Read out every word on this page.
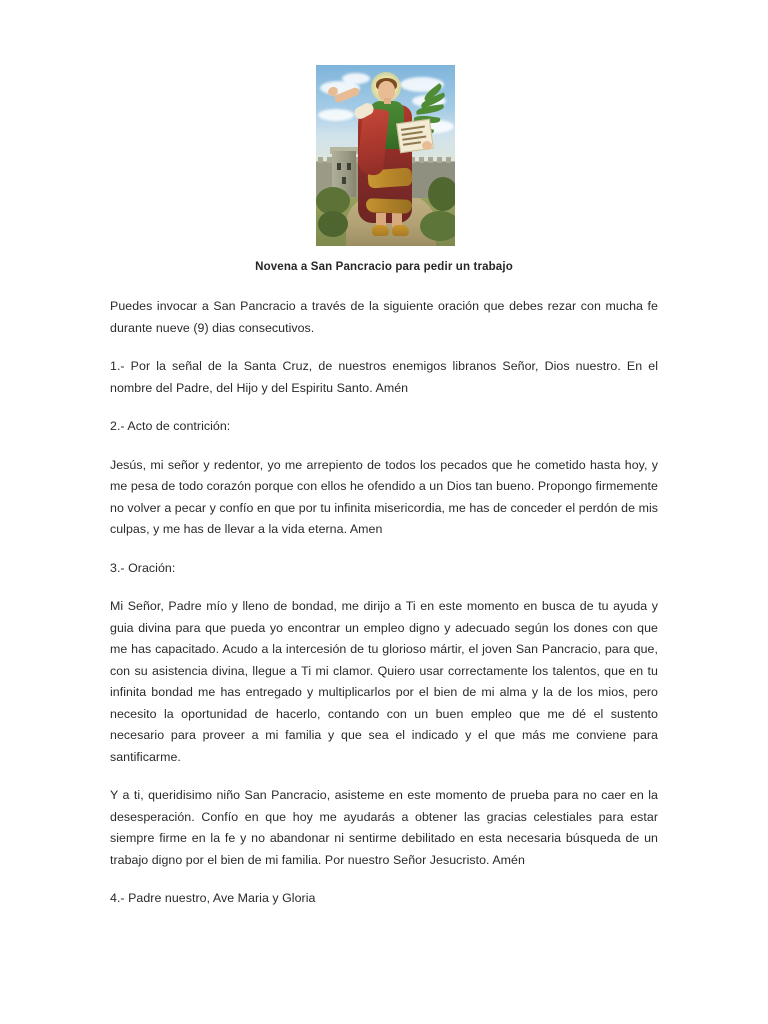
Novena a San Pancracio para pedir un trabajo

Puedes invocar a San Pancracio a través de la siguiente oración que debes rezar con mucha fe durante nueve (9) dias consecutivos.

1.- Por la señal de la Santa Cruz, de nuestros enemigos libranos Señor, Dios nuestro. En el nombre del Padre, del Hijo y del Espiritu Santo. Amén

2.- Acto de contrición:

Jesús, mi señor y redentor, yo me arrepiento de todos los pecados que he cometido hasta hoy, y me pesa de todo corazón porque con ellos he ofendido a un Dios tan bueno. Propongo firmemente no volver a pecar y confío en que por tu infinita misericordia, me has de conceder el perdón de mis culpas, y me has de llevar a la vida eterna. Amen

3.- Oración:

Mi Señor, Padre mío y lleno de bondad, me dirijo a Ti en este momento en busca de tu ayuda y guia divina para que pueda yo encontrar un empleo digno y adecuado según los dones con que me has capacitado. Acudo a la intercesión de tu glorioso mártir, el joven San Pancracio, para que, con su asistencia divina, llegue a Ti mi clamor. Quiero usar correctamente los talentos, que en tu infinita bondad me has entregado y multiplicarlos por el bien de mi alma y la de los mios, pero necesito la oportunidad de hacerlo, contando con un buen empleo que me dé el sustento necesario para proveer a mi familia y que sea el indicado y el que más me conviene para santificarme.

Y a ti, queridisimo niño San Pancracio, asisteme en este momento de prueba para no caer en la desesperación. Confío en que hoy me ayudarás a obtener las gracias celestiales para estar siempre firme en la fe y no abandonar ni sentirme debilitado en esta necesaria búsqueda de un trabajo digno por el bien de mi familia. Por nuestro Señor Jesucristo. Amén

4.- Padre nuestro, Ave Maria y Gloria
